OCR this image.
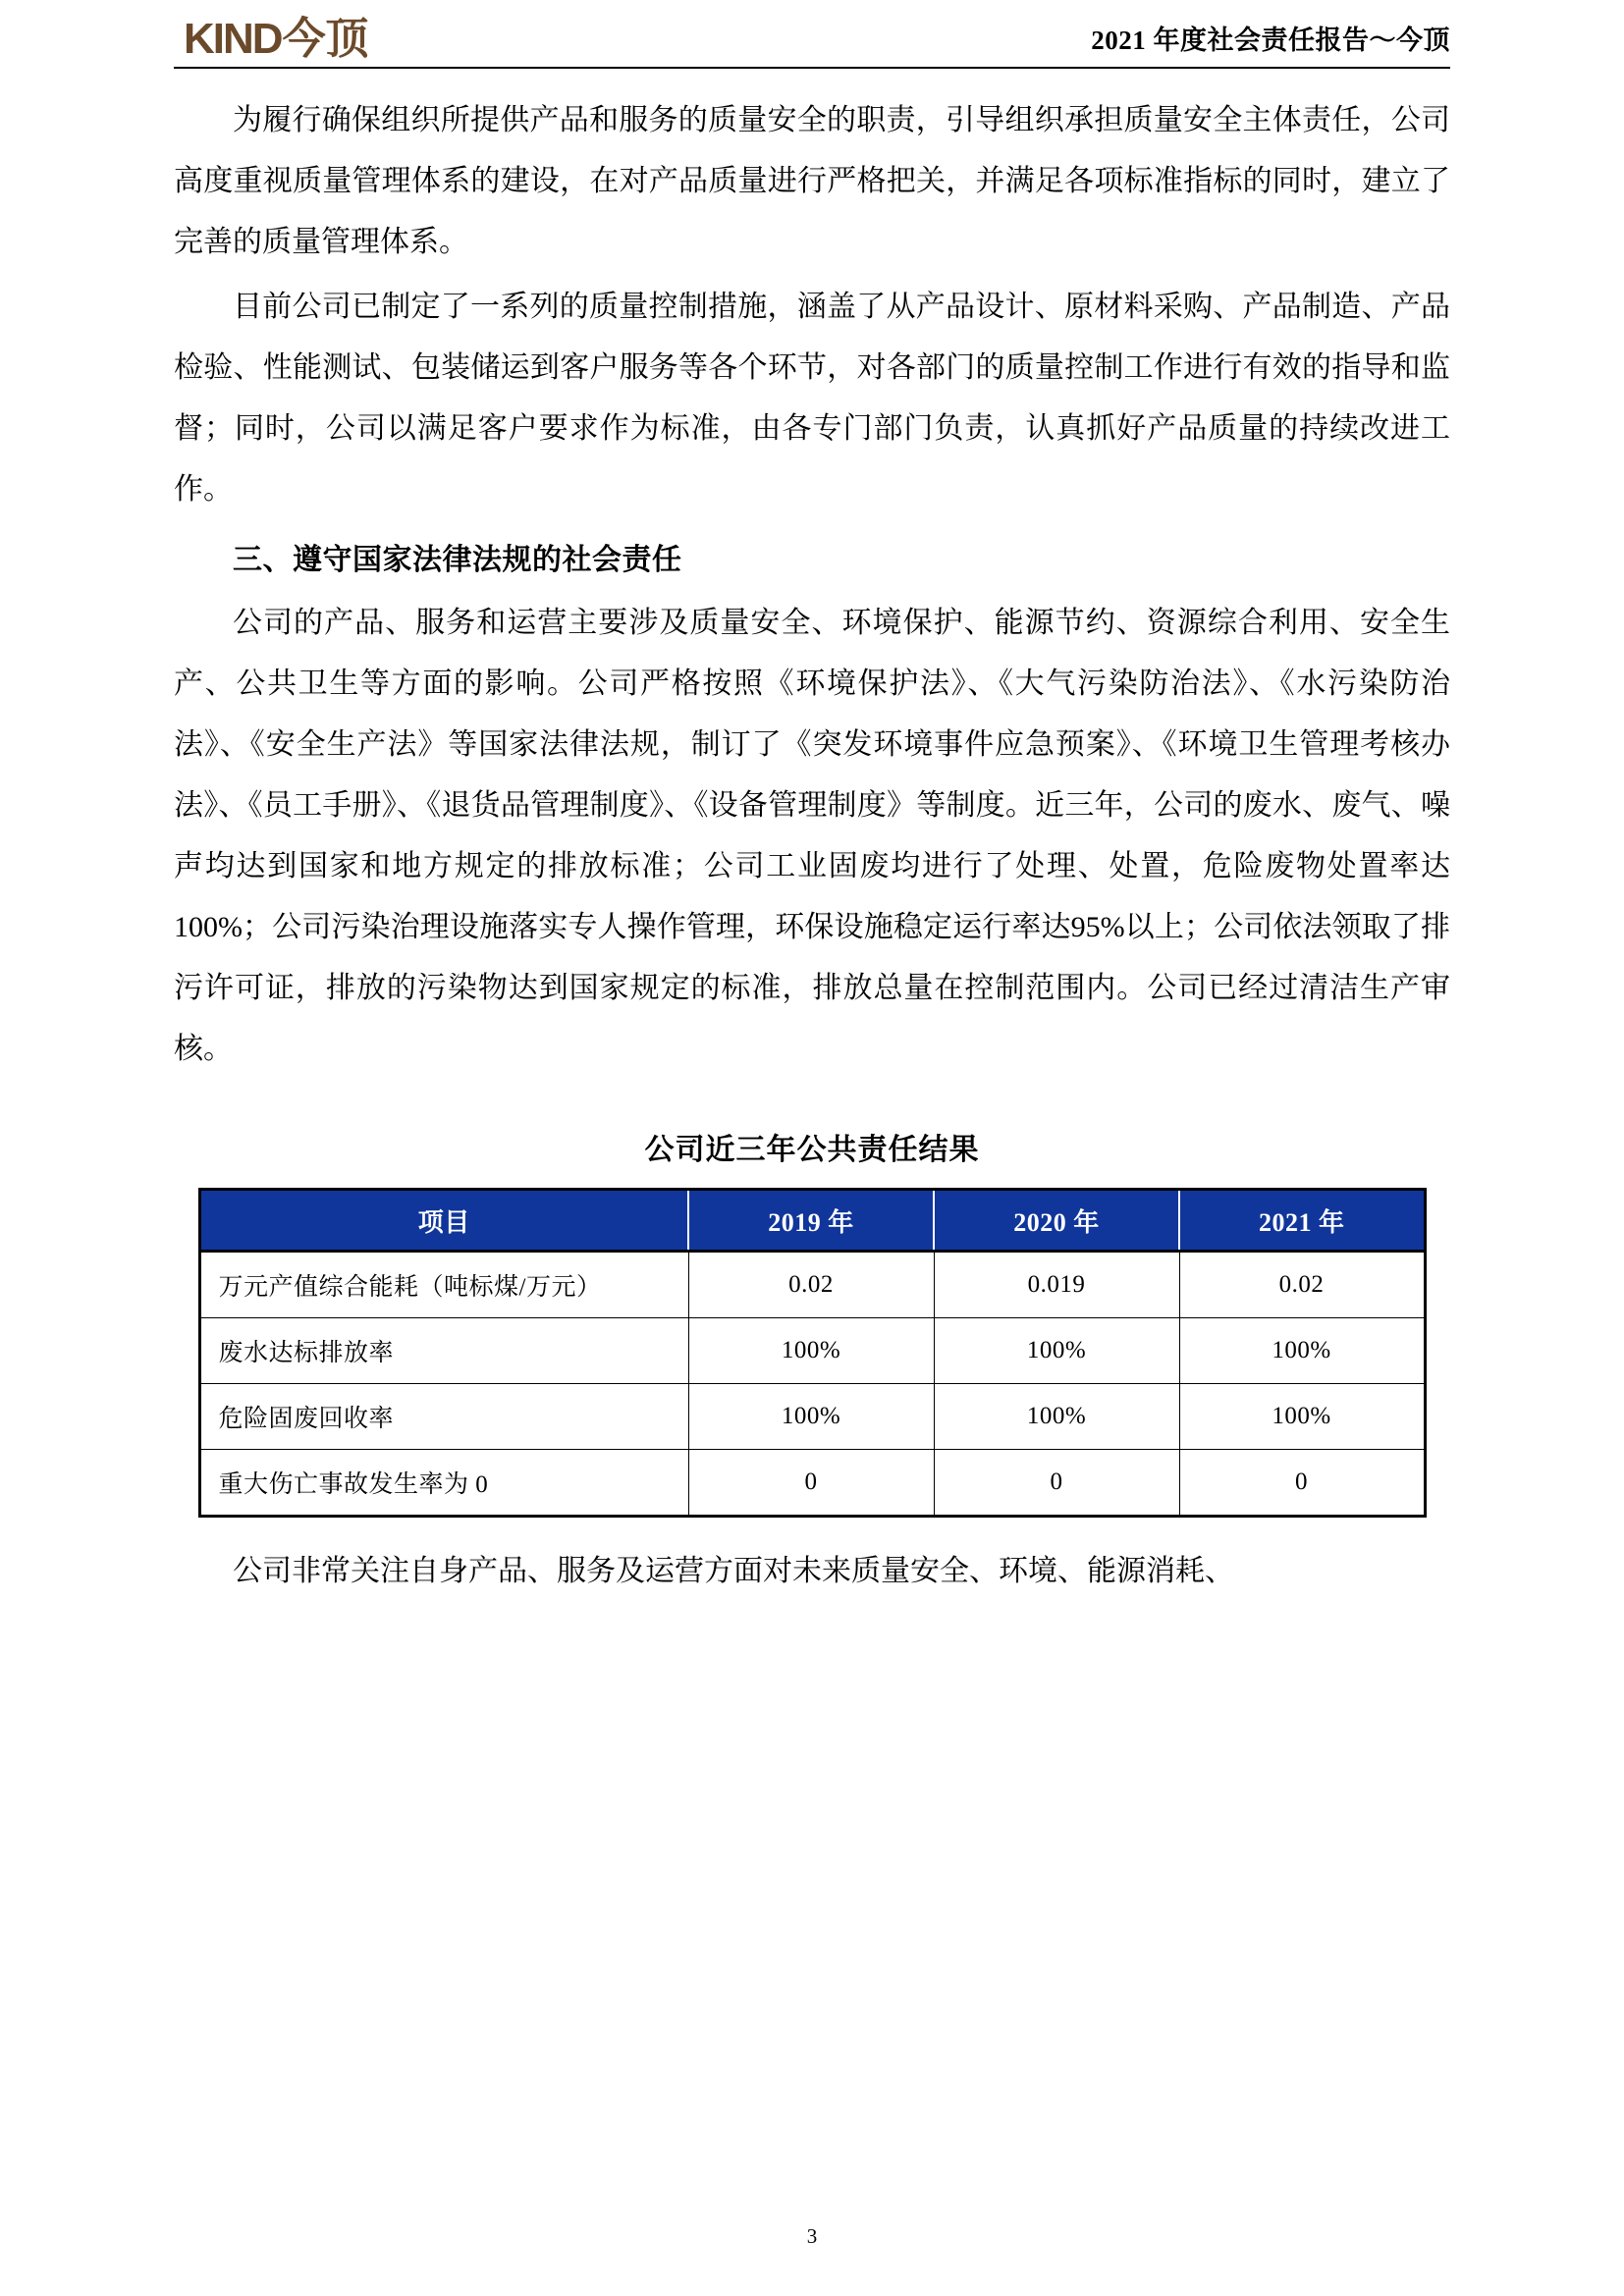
KIND 今顶	2021 年度社会责任报告～今顶

为履行确保组织所提供产品和服务的质量安全的职责，引导组织承担质量安全主体责任，公司高度重视质量管理体系的建设，在对产品质量进行严格把关，并满足各项标准指标的同时，建立了完善的质量管理体系。

目前公司已制定了一系列的质量控制措施，涵盖了从产品设计、原材料采购、产品制造、产品检验、性能测试、包装储运到客户服务等各个环节，对各部门的质量控制工作进行有效的指导和监督；同时，公司以满足客户要求作为标准，由各专门部门负责，认真抓好产品质量的持续改进工作。

三、遵守国家法律法规的社会责任

公司的产品、服务和运营主要涉及质量安全、环境保护、能源节约、资源综合利用、安全生产、公共卫生等方面的影响。公司严格按照《环境保护法》、《大气污染防治法》、《水污染防治法》、《安全生产法》等国家法律法规，制订了《突发环境事件应急预案》、《环境卫生管理考核办法》、《员工手册》、《退货品管理制度》、《设备管理制度》等制度。近三年，公司的废水、废气、噪声均达到国家和地方规定的排放标准；公司工业固废均进行了处理、处置，危险废物处置率达100%；公司污染治理设施落实专人操作管理，环保设施稳定运行率达95%以上；公司依法领取了排污许可证，排放的污染物达到国家规定的标准，排放总量在控制范围内。公司已经过清洁生产审核。

公司近三年公共责任结果
项目	2019 年	2020 年	2021 年
万元产值综合能耗（吨标煤/万元）	0.02	0.019	0.02
废水达标排放率	100%	100%	100%
危险固废回收率	100%	100%	100%
重大伤亡事故发生率为 0	0	0	0

公司非常关注自身产品、服务及运营方面对未来质量安全、环境、能源消耗、

3
